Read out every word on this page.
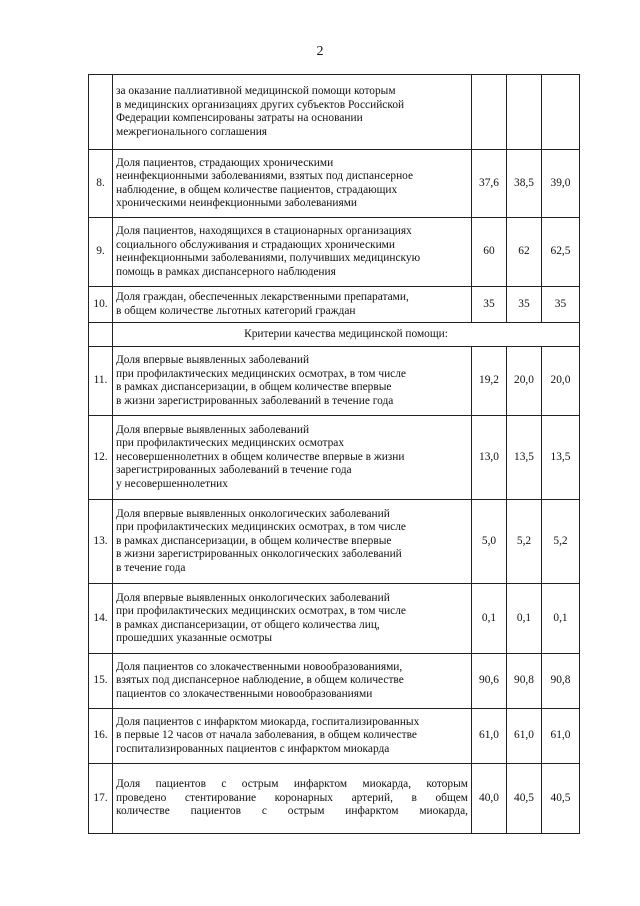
2

	за оказание паллиативной медицинской помощи которым
в медицинских организациях других субъектов Российской
Федерации компенсированы затраты на основании
межрегионального соглашения			

8.	Доля пациентов, страдающих хроническими
неинфекционными заболеваниями, взятых под диспансерное
наблюдение, в общем количестве пациентов, страдающих
хроническими неинфекционными заболеваниями	37,6	38,5	39,0
9.	Доля пациентов, находящихся в стационарных организациях
социального обслуживания и страдающих хроническими
неинфекционными заболеваниями, получивших медицинскую
помощь в рамках диспансерного наблюдения	60	62	62,5
10.	Доля граждан, обеспеченных лекарственными препаратами,
в общем количестве льготных категорий граждан	35	35	35
	Критерии качества медицинской помощи:			
11.	Доля впервые выявленных заболеваний
при профилактических медицинских осмотрах, в том числе
в рамках диспансеризации, в общем количестве впервые
в жизни зарегистрированных заболеваний в течение года	19,2	20,0	20,0
12.	Доля впервые выявленных заболеваний
при профилактических медицинских осмотрах
несовершеннолетних в общем количестве впервые в жизни
зарегистрированных заболеваний в течение года
у несовершеннолетних	13,0	13,5	13,5
13.	Доля впервые выявленных онкологических заболеваний
при профилактических медицинских осмотрах, в том числе
в рамках диспансеризации, в общем количестве впервые
в жизни зарегистрированных онкологических заболеваний
в течение года	5,0	5,2	5,2
14.	Доля впервые выявленных онкологических заболеваний
при профилактических медицинских осмотрах, в том числе
в рамках диспансеризации, от общего количества лиц,
прошедших указанные осмотры	0,1	0,1	0,1
15.	Доля пациентов со злокачественными новообразованиями,
взятых под диспансерное наблюдение, в общем количестве
пациентов со злокачественными новообразованиями	90,6	90,8	90,8
16.	Доля пациентов с инфарктом миокарда, госпитализированных
в первые 12 часов от начала заболевания, в общем количестве
госпитализированных пациентов с инфарктом миокарда	61,0	61,0	61,0
17.	Доля пациентов с острым инфарктом миокарда, которым
проведено стентирование коронарных артерий, в общем
количестве пациентов с острым инфарктом миокарда,	40,0	40,5	40,5
